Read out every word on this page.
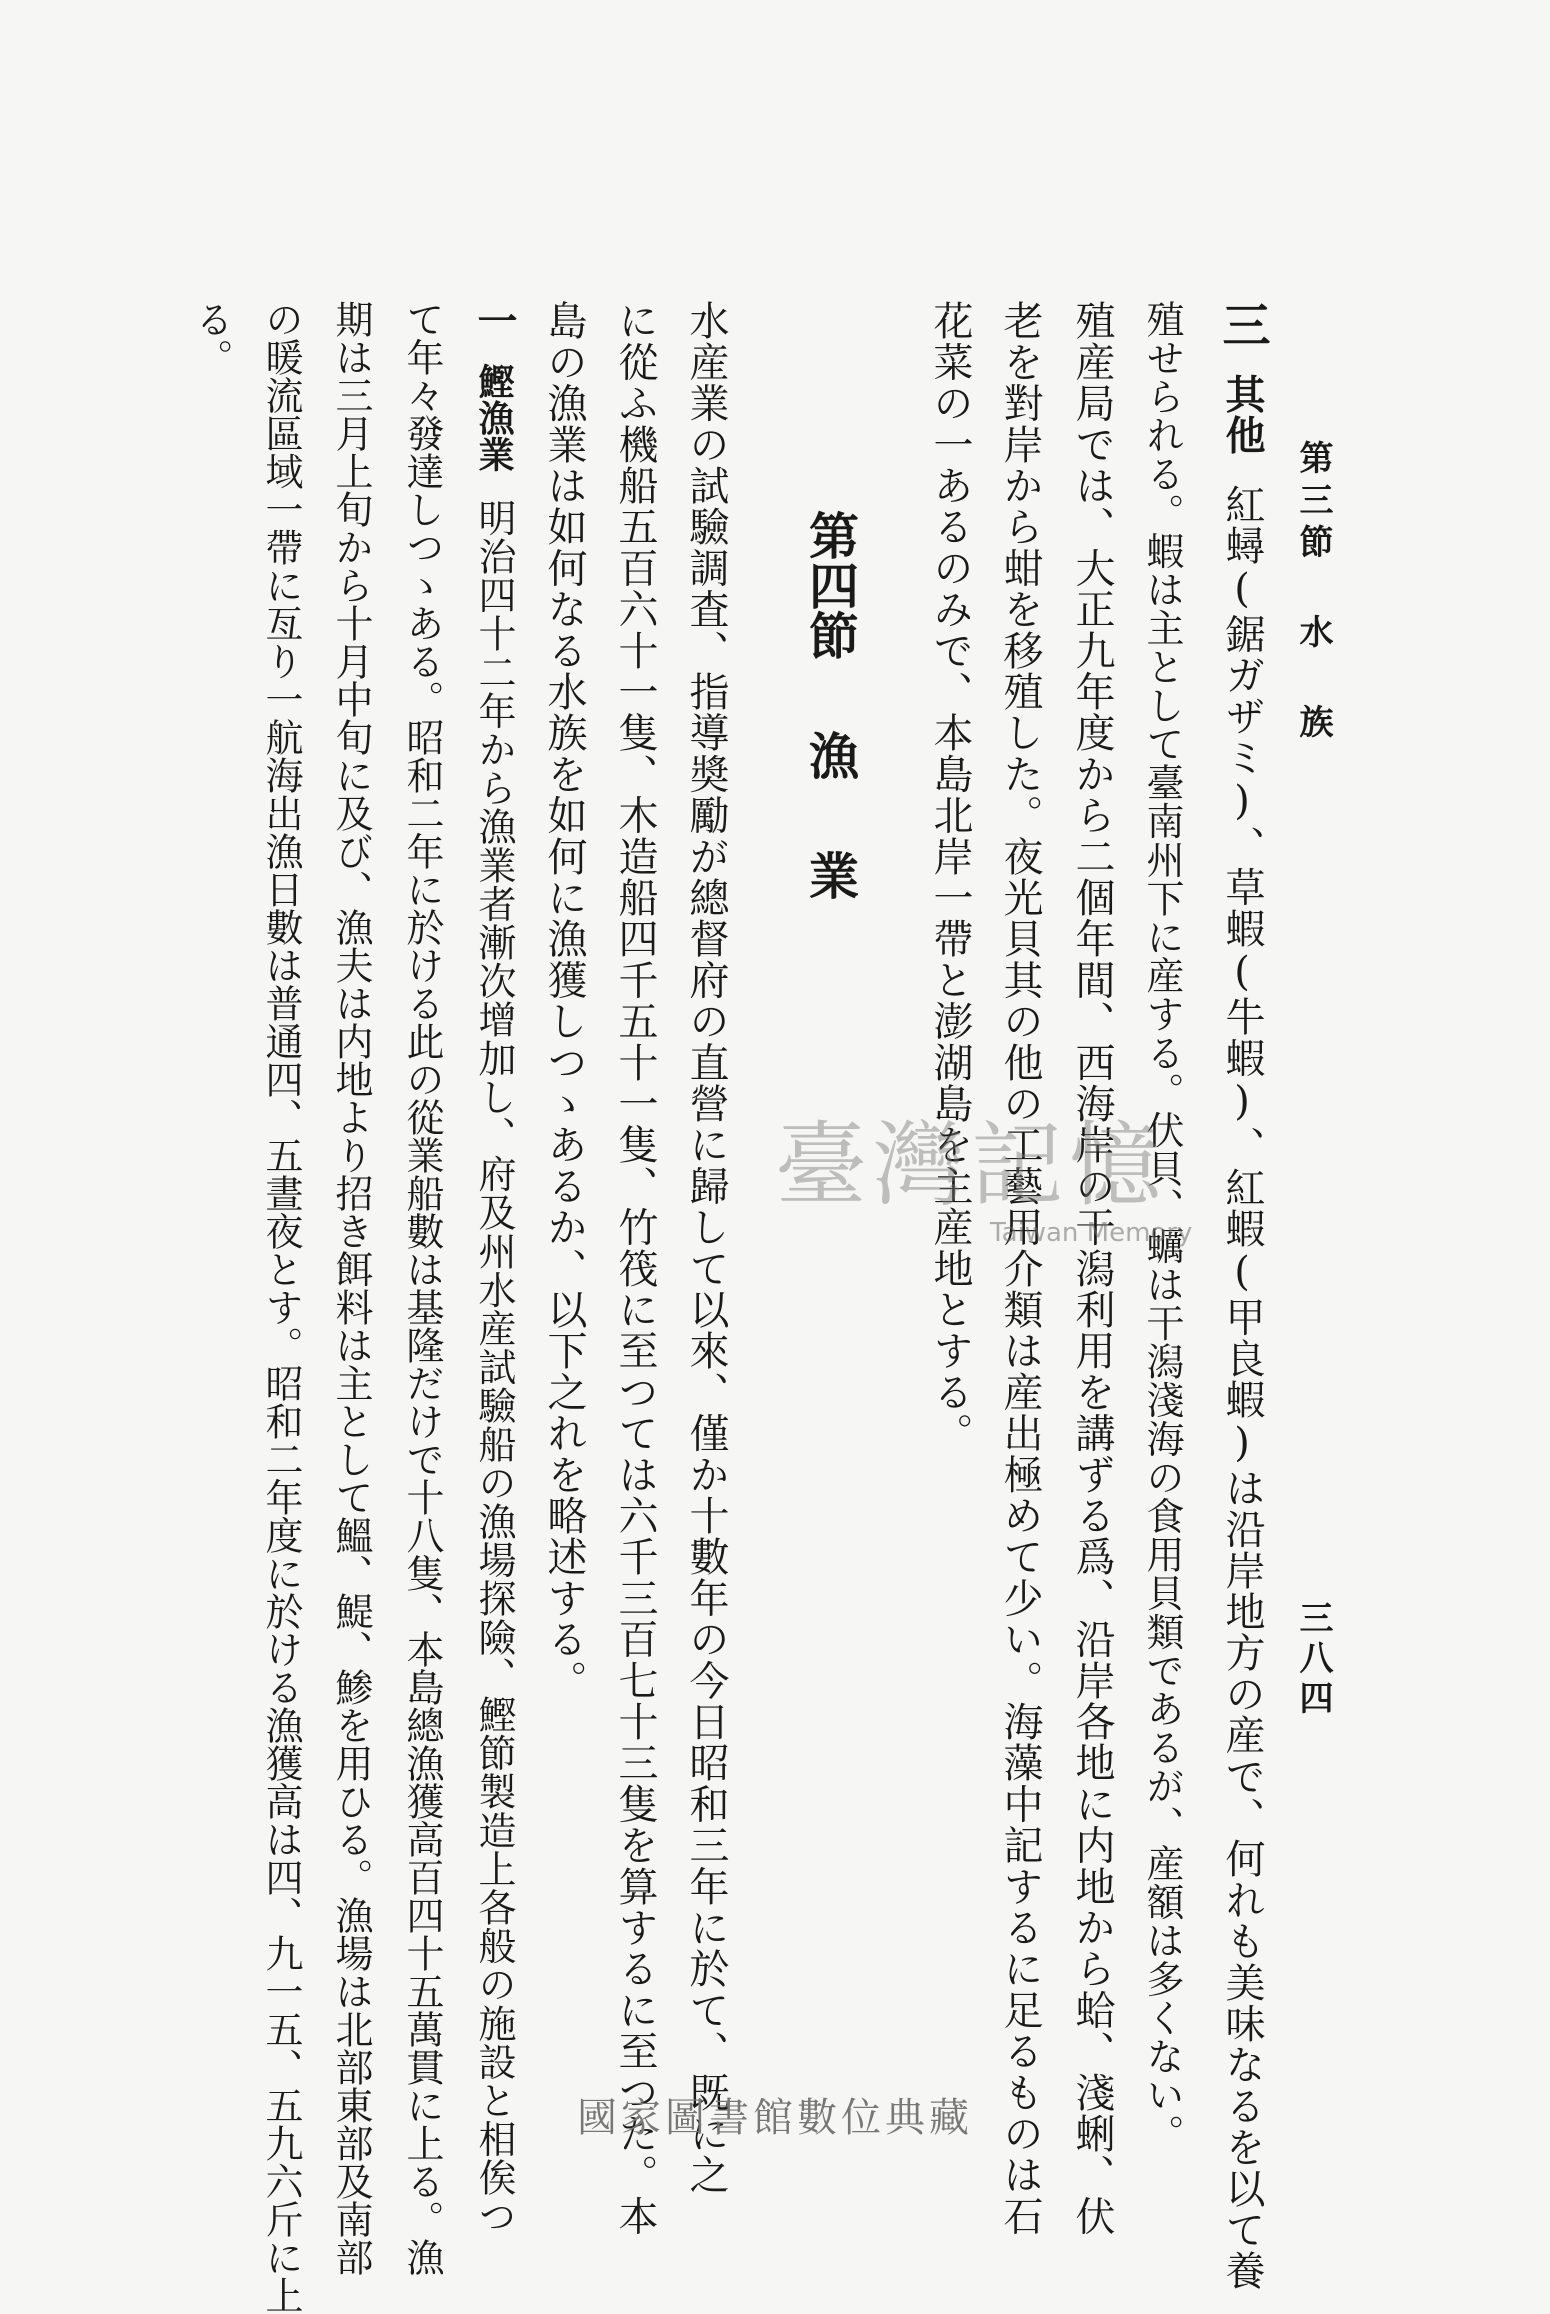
第三節 水 族
三八四
三其他紅蟳(鋸ガザミ)、草蝦(牛蝦)、紅蝦(甲良蝦)は沿岸地方の産で、何れも美味なるを以て養
殖せられる。蝦は主として臺南州下に産する。伏貝、蠣は干潟淺海の食用貝類であるが、産額は多くない。
殖産局では、大正九年度から二個年間、西海岸の干潟利用を講ずる爲、沿岸各地に内地から蛤、淺蜊、伏
老を對岸から蚶を移殖した。夜光貝其の他の工藝用介類は産出極めて少い。海藻中記するに足るものは石
花菜の一あるのみで、本島北岸一帶と澎湖島を主産地とする。
第四節漁業
水産業の試驗調査、指導奬勵が總督府の直營に歸して以來、僅か十數年の今日昭和三年に於て、既に之
に從ふ機船五百六十一隻、木造船四千五十一隻、竹筏に至つては六千三百七十三隻を算するに至つた。本
島の漁業は如何なる水族を如何に漁獲しつゝあるか、以下之れを略述する。
一鰹漁業明治四十二年から漁業者漸次增加し、府及州水産試驗船の漁場探險、鰹節製造上各般の施設と相俟つ
て年々發達しつゝある。昭和二年に於ける此の從業船數は基隆だけで十八隻、本島總漁獲高百四十五萬貫に上る。漁
期は三月上旬から十月中旬に及び、漁夫は内地より招き餌料は主として鰮、鯷、鯵を用ひる。漁場は北部東部及南部
の暖流區域一帶に亙り一航海出漁日數は普通四、五晝夜とす。昭和二年度に於ける漁獲高は四、九一五、五九六斤に上
る。
臺灣記憶
Taiwan Memory
國家圖書館數位典藏
